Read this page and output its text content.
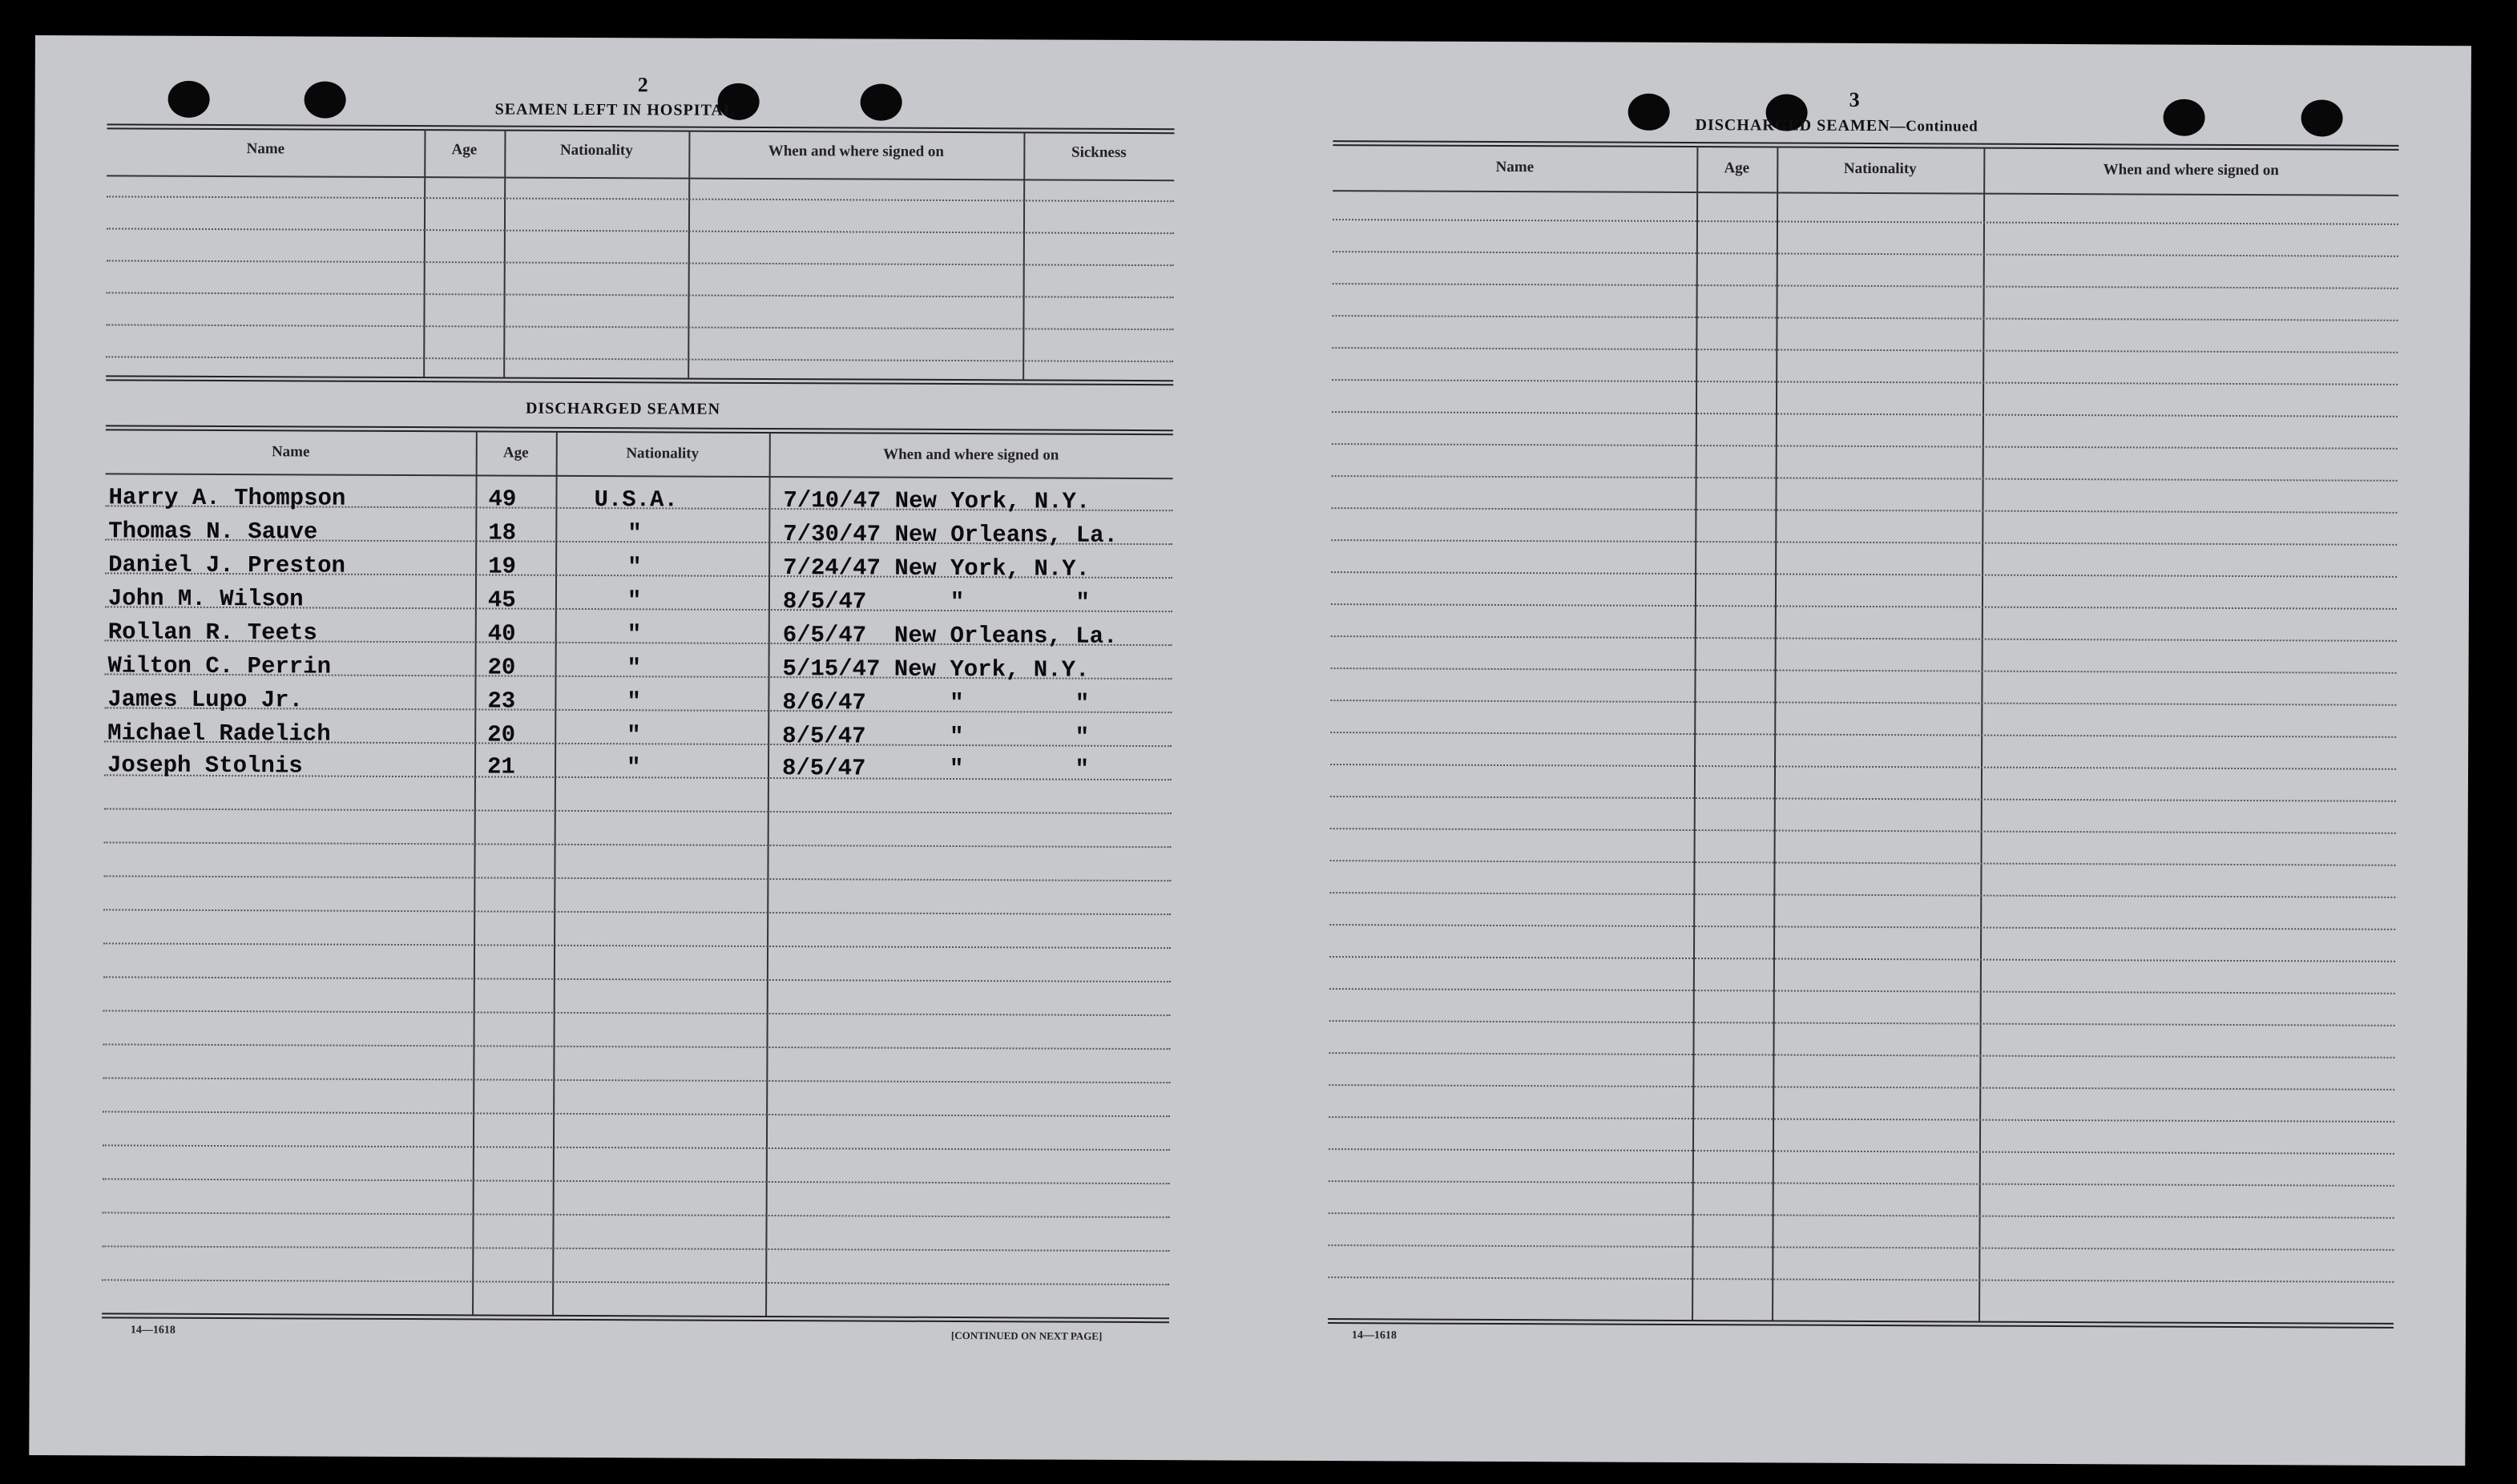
2
SEAMEN LEFT IN HOSPITAL
Name	Age	Nationality	When and where signed on	Sickness
DISCHARGED SEAMEN
Name	Age	Nationality	When and where signed on
Harry A. Thompson	49	U.S.A.	7/10/47 New York, N.Y.
Thomas N. Sauve	18	"	7/30/47 New Orleans, La.
Daniel J. Preston	19	"	7/24/47 New York, N.Y.
John M. Wilson	45	"	8/5/47      "        "
Rollan R. Teets	40	"	6/5/47  New Orleans, La.
Wilton C. Perrin	20	"	5/15/47 New York, N.Y.
James Lupo Jr.	23	"	8/6/47      "        "
Michael Radelich	20	"	8/5/47      "        "
Joseph Stolnis	21	"	8/5/47      "        "
14—1618	[CONTINUED ON NEXT PAGE]
3
DISCHARGED SEAMEN—Continued
Name	Age	Nationality	When and where signed on
14—1618
